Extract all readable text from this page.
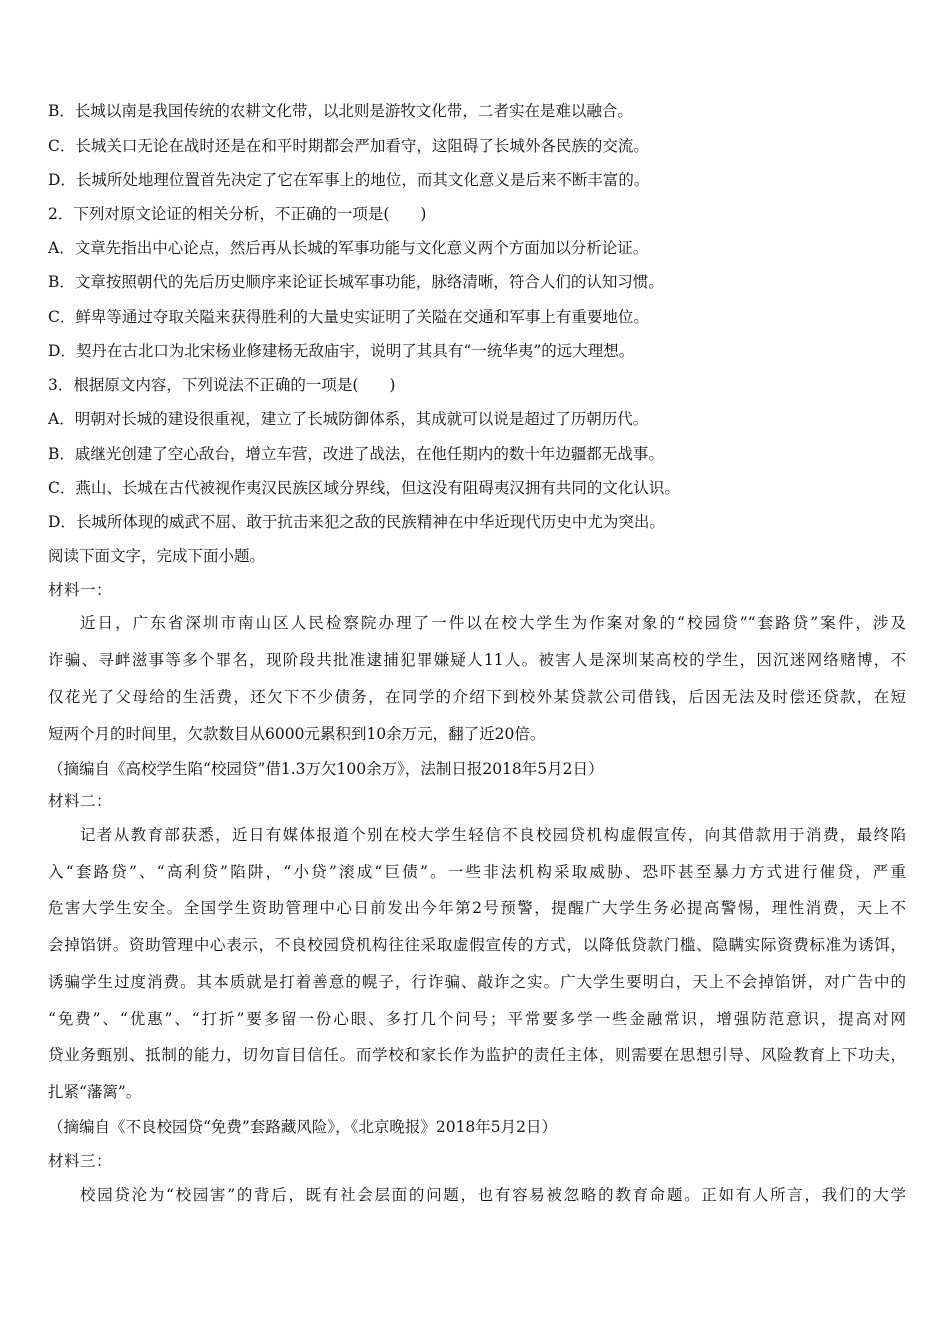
B．长城以南是我国传统的农耕文化带，以北则是游牧文化带，二者实在是难以融合。
C．长城关口无论在战时还是在和平时期都会严加看守，这阻碍了长城外各民族的交流。
D．长城所处地理位置首先决定了它在军事上的地位，而其文化意义是后来不断丰富的。
2．下列对原文论证的相关分析，不正确的一项是(　　)
A．文章先指出中心论点，然后再从长城的军事功能与文化意义两个方面加以分析论证。
B．文章按照朝代的先后历史顺序来论证长城军事功能，脉络清晰，符合人们的认知习惯。
C．鲜卑等通过夺取关隘来获得胜利的大量史实证明了关隘在交通和军事上有重要地位。
D．契丹在古北口为北宋杨业修建杨无敌庙宇，说明了其具有“一统华夷”的远大理想。
3．根据原文内容，下列说法不正确的一项是(　　)
A．明朝对长城的建设很重视，建立了长城防御体系，其成就可以说是超过了历朝历代。
B．戚继光创建了空心敌台，增立车营，改进了战法，在他任期内的数十年边疆都无战事。
C．燕山、长城在古代被视作夷汉民族区域分界线，但这没有阻碍夷汉拥有共同的文化认识。
D．长城所体现的威武不屈、敢于抗击来犯之敌的民族精神在中华近现代历史中尤为突出。
阅读下面文字，完成下面小题。
材料一：
近日，广东省深圳市南山区人民检察院办理了一件以在校大学生为作案对象的“校园贷”“套路贷”案件，涉及
诈骗、寻衅滋事等多个罪名，现阶段共批准逮捕犯罪嫌疑人11人。被害人是深圳某高校的学生，因沉迷网络赌博，不
仅花光了父母给的生活费，还欠下不少债务，在同学的介绍下到校外某贷款公司借钱，后因无法及时偿还贷款，在短
短两个月的时间里，欠款数目从6000元累积到10余万元，翻了近20倍。
（摘编自《高校学生陷“校园贷”借1.3万欠100余万》，法制日报2018年5月2日）
材料二：
记者从教育部获悉，近日有媒体报道个别在校大学生轻信不良校园贷机构虚假宣传，向其借款用于消费，最终陷
入“套路贷”、“高利贷”陷阱，“小贷”滚成“巨债”。一些非法机构采取威胁、恐吓甚至暴力方式进行催贷，严重
危害大学生安全。全国学生资助管理中心日前发出今年第2号预警，提醒广大学生务必提高警惕，理性消费，天上不
会掉馅饼。资助管理中心表示，不良校园贷机构往往采取虚假宣传的方式，以降低贷款门槛、隐瞒实际资费标准为诱饵，
诱骗学生过度消费。其本质就是打着善意的幌子，行诈骗、敲诈之实。广大学生要明白，天上不会掉馅饼，对广告中的
“免费”、“优惠”、“打折”要多留一份心眼、多打几个问号；平常要多学一些金融常识，增强防范意识，提高对网
贷业务甄别、抵制的能力，切勿盲目信任。而学校和家长作为监护的责任主体，则需要在思想引导、风险教育上下功夫，
扎紧“藩篱”。
（摘编自《不良校园贷“免费”套路藏风险》，《北京晚报》2018年5月2日）
材料三：
校园贷沦为“校园害”的背后，既有社会层面的问题，也有容易被忽略的教育命题。正如有人所言，我们的大学
